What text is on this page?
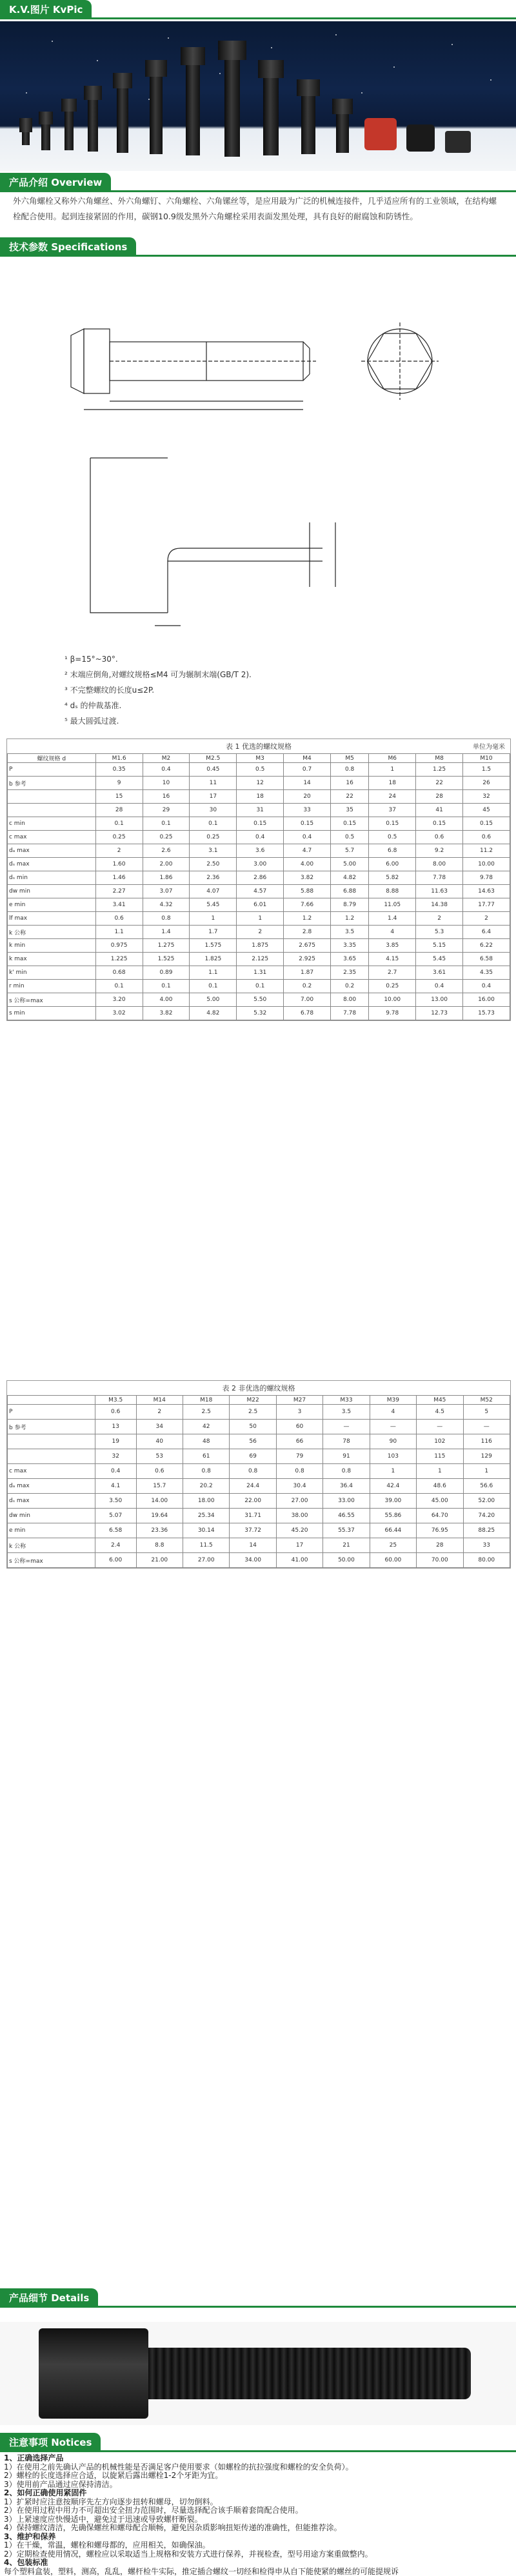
K.V.图片 KvPic
产品介绍 Overview
外六角螺栓又称外六角螺丝、外六角螺钉、六角螺栓、六角镙丝等，是应用最为广泛的机械连接件，几乎适应所有的工业领域，在结构螺栓配合使用。起到连接紧固的作用，碳钢10.9级发黑外六角螺栓采用表面发黑处理，具有良好的耐腐蚀和防锈性。
技术参数 Specifications
¹ β=15°~30°.
² 末端应倒角,对螺纹规格≤M4 可为辗制末端(GB/T 2).
³ 不完整螺纹的长度u≤2P.
⁴ dₛ 的仲裁基准.
⁵ 最大圆弧过渡.
表 1 优选的螺纹规格	单位为毫米
螺纹规格 d	M1.6	M2	M2.5	M3	M4	M5	M6	M8	M10
P	0.35	0.4	0.45	0.5	0.7	0.8	1	1.25	1.5
b 参考	9	10	11	12	14	16	18	22	26
	15	16	17	18	20	22	24	28	32
	28	29	30	31	33	35	37	41	45
c min	0.1	0.1	0.1	0.15	0.15	0.15	0.15	0.15	0.15
c max	0.25	0.25	0.25	0.4	0.4	0.5	0.5	0.6	0.6
dₐ max	2	2.6	3.1	3.6	4.7	5.7	6.8	9.2	11.2
dₛ max	1.60	2.00	2.50	3.00	4.00	5.00	6.00	8.00	10.00
dₛ min	1.46	1.86	2.36	2.86	3.82	4.82	5.82	7.78	9.78
dw min	2.27	3.07	4.07	4.57	5.88	6.88	8.88	11.63	14.63
e min	3.41	4.32	5.45	6.01	7.66	8.79	11.05	14.38	17.77
lf max	0.6	0.8	1	1	1.2	1.2	1.4	2	2
k 公称	1.1	1.4	1.7	2	2.8	3.5	4	5.3	6.4
k min	0.975	1.275	1.575	1.875	2.675	3.35	3.85	5.15	6.22
k max	1.225	1.525	1.825	2.125	2.925	3.65	4.15	5.45	6.58
k' min	0.68	0.89	1.1	1.31	1.87	2.35	2.7	3.61	4.35
r min	0.1	0.1	0.1	0.1	0.2	0.2	0.25	0.4	0.4
s 公称=max	3.20	4.00	5.00	5.50	7.00	8.00	10.00	13.00	16.00
s min	3.02	3.82	4.82	5.32	6.78	7.78	9.78	12.73	15.73
表 2 非优选的螺纹规格
	M3.5	M14	M18	M22	M27	M33	M39	M45	M52
P	0.6	2	2.5	2.5	3	3.5	4	4.5	5
b 参考	13	34	42	50	60	—	—	—	—
	19	40	48	56	66	78	90	102	116
	32	53	61	69	79	91	103	115	129
c max	0.4	0.6	0.8	0.8	0.8	0.8	1	1	1
dₐ max	4.1	15.7	20.2	24.4	30.4	36.4	42.4	48.6	56.6
dₛ max	3.50	14.00	18.00	22.00	27.00	33.00	39.00	45.00	52.00
dw min	5.07	19.64	25.34	31.71	38.00	46.55	55.86	64.70	74.20
e min	6.58	23.36	30.14	37.72	45.20	55.37	66.44	76.95	88.25
k 公称	2.4	8.8	11.5	14	17	21	25	28	33
s 公称=max	6.00	21.00	27.00	34.00	41.00	50.00	60.00	70.00	80.00
产品细节 Details
注意事项 Notices
1、正确选择产品
1）在使用之前先确认产品的机械性能是否满足客户使用要求（如螺栓的抗拉强度和螺栓的安全负荷）。
2）螺栓的长度选择应合适，以旋紧后露出螺栓1-2个牙距为宜。
3）使用前产品通过应保持清洁。
2、如何正确使用紧固件
1）扩紧时应注意按顺序先左方向逐步扭转和螺母，切勿倒料。
2）在使用过程中用力不可超出安全扭力范围时，尽量选择配合该手顺着套筒配合使用。
3）上紧速度应快慢适中，避免过于迅速或导致螺杆断裂。
4）保持螺纹清洁，先确保螺丝和螺母配合顺畅，避免因杂质影响扭矩传递的准确性，但能推荐涂。
3、维护和保养
1）在干燥，常温，螺栓和螺母都的，应用相关，如确保油。
2）定期检查使用情况，螺栓应以采取适当上规格和安装方式进行保养，并视检查，型号用途方案重做整内。
4、包装标准
每个塑料盒装，塑料，测高，乱乱，螺杆检牛实际，推定插合螺纹一切经和检得申从自下能使紧的螺丝的可能提规诉
